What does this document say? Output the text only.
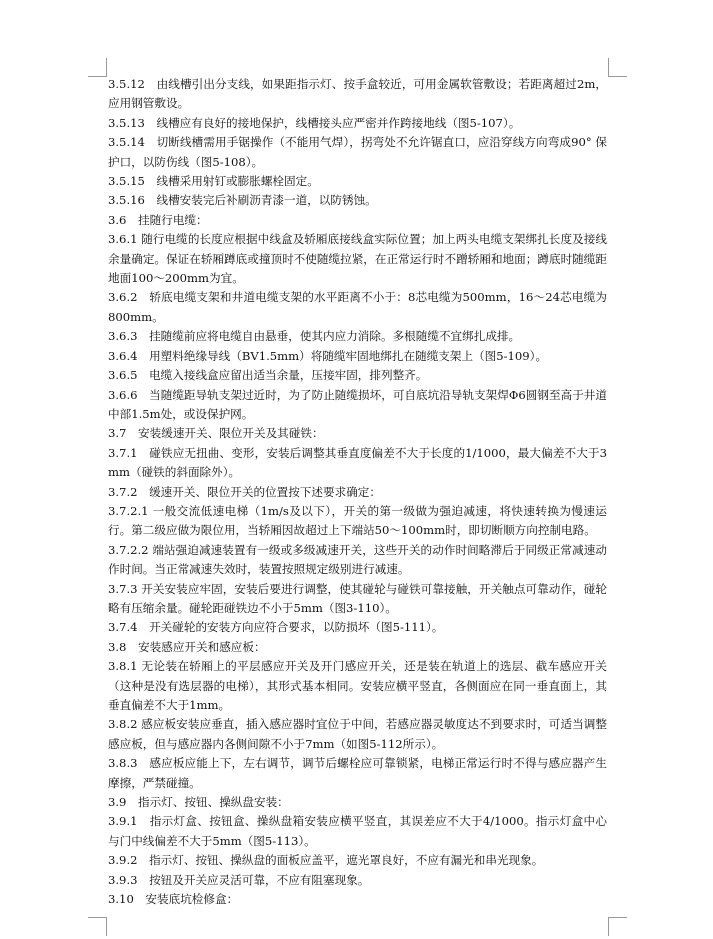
3.5.12　由线槽引出分支线，如果距指示灯、按手盒较近，可用金属软管敷设；若距离超过2m，应用钢管敷设。

3.5.13　线槽应有良好的接地保护，线槽接头应严密并作跨接地线（图5-107）。

3.5.14　切断线槽需用手锯操作（不能用气焊），拐弯处不允许锯直口，应沿穿线方向弯成90° 保护口，以防伤线（图5-108）。

3.5.15　线槽采用射钉或膨胀螺栓固定。

3.5.16　线槽安装完后补刷沥青漆一道，以防锈蚀。

3.6　挂随行电缆：

3.6.1 随行电缆的长度应根据中线盒及轿厢底接线盒实际位置；加上两头电缆支架绑扎长度及接线余量确定。保证在轿厢蹲底或撞顶时不使随缆拉紧，在正常运行时不蹭轿厢和地面；蹲底时随缆距地面100～200mm为宜。

3.6.2　轿底电缆支架和井道电缆支架的水平距离不小于：8芯电缆为500mm，16～24芯电缆为800mm。

3.6.3　挂随缆前应将电缆自由悬垂，使其内应力消除。多根随缆不宜绑扎成排。

3.6.4　用塑料绝缘导线（BV1.5mm）将随缆牢固地绑扎在随缆支架上（图5-109）。

3.6.5　电缆入接线盒应留出适当余量，压接牢固，排列整齐。

3.6.6　当随缆距导轨支架过近时，为了防止随缆损坏，可自底坑沿导轨支架焊Φ6圆钢至高于井道中部1.5m处，或设保护网。

3.7　安装缓速开关、限位开关及其碰铁：

3.7.1　碰铁应无扭曲、变形，安装后调整其垂直度偏差不大于长度的1/1000，最大偏差不大于3mm（碰铁的斜面除外）。

3.7.2　缓速开关、限位开关的位置按下述要求确定：

3.7.2.1 一般交流低速电梯（1m/s及以下），开关的第一级做为强迫减速，将快速转换为慢速运行。第二级应做为限位用，当轿厢因故超过上下端站50～100mm时，即切断顺方向控制电路。

3.7.2.2 端站强迫减速装置有一级或多级减速开关，这些开关的动作时间略滞后于同级正常减速动作时间。当正常减速失效时，装置按照规定级别进行减速。

3.7.3 开关安装应牢固，安装后要进行调整，使其碰轮与碰铁可靠接触，开关触点可靠动作，碰轮略有压缩余量。碰轮距碰铁边不小于5mm（图3-110）。

3.7.4　开关碰轮的安装方向应符合要求，以防损坏（图5-111）。

3.8　安装感应开关和感应板：

3.8.1 无论装在轿厢上的平层感应开关及开门感应开关，还是装在轨道上的选层、截车感应开关（这种是没有选层器的电梯），其形式基本相同。安装应横平竖直，各侧面应在同一垂直面上，其垂直偏差不大于1mm。

3.8.2 感应板安装应垂直，插入感应器时宜位于中间，若感应器灵敏度达不到要求时，可适当调整感应板，但与感应器内各侧间隙不小于7mm（如图5-112所示）。

3.8.3　感应板应能上下，左右调节，调节后螺栓应可靠锁紧，电梯正常运行时不得与感应器产生摩擦，严禁碰撞。

3.9　指示灯、按钮、操纵盘安装：

3.9.1　指示灯盒、按钮盒、操纵盘箱安装应横平竖直，其误差应不大于4/1000。指示灯盒中心与门中线偏差不大于5mm（图5-113）。

3.9.2　指示灯、按钮、操纵盘的面板应盖平，遮光罩良好，不应有漏光和串光现象。

3.9.3　按钮及开关应灵活可靠，不应有阻塞现象。

3.10　安装底坑检修盒：
